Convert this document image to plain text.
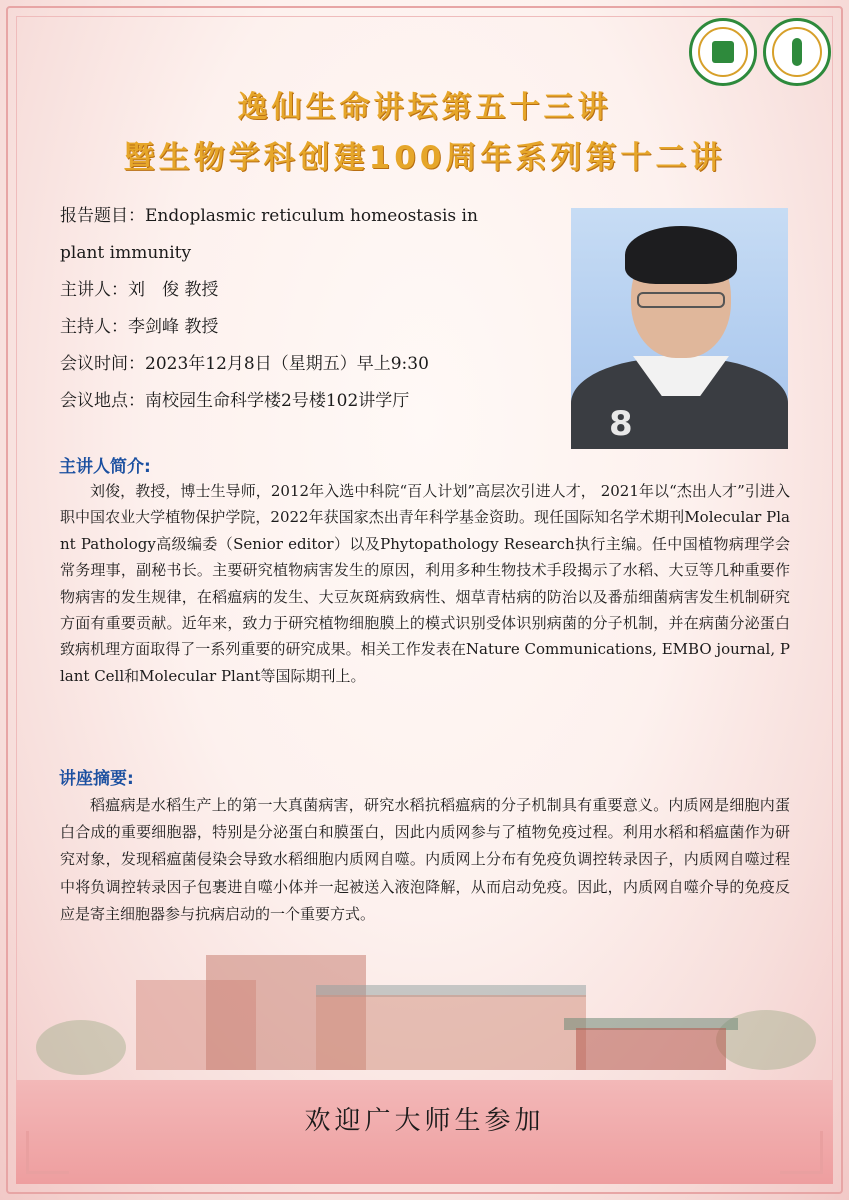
逸仙生命讲坛第五十三讲
暨生物学科创建100周年系列第十二讲
报告题目：Endoplasmic reticulum homeostasis in
plant immunity
主讲人：刘　俊 教授
主持人：李剑峰 教授
会议时间：2023年12月8日（星期五）早上9:30
会议地点：南校园生命科学楼2号楼102讲学厅
8
主讲人简介:
刘俊，教授，博士生导师，2012年入选中科院“百人计划”高层次引进人才， 2021年以“杰出人才”引进入职中国农业大学植物保护学院，2022年获国家杰出青年科学基金资助。现任国际知名学术期刊Molecular Plant Pathology高级编委（Senior editor）以及Phytopathology Research执行主编。任中国植物病理学会常务理事，副秘书长。主要研究植物病害发生的原因，利用多种生物技术手段揭示了水稻、大豆等几种重要作物病害的发生规律，在稻瘟病的发生、大豆灰斑病致病性、烟草青枯病的防治以及番茄细菌病害发生机制研究方面有重要贡献。近年来，致力于研究植物细胞膜上的模式识别受体识别病菌的分子机制，并在病菌分泌蛋白致病机理方面取得了一系列重要的研究成果。相关工作发表在Nature Communications, EMBO journal, Plant Cell和Molecular Plant等国际期刊上。
讲座摘要:
稻瘟病是水稻生产上的第一大真菌病害，研究水稻抗稻瘟病的分子机制具有重要意义。内质网是细胞内蛋白合成的重要细胞器，特别是分泌蛋白和膜蛋白，因此内质网参与了植物免疫过程。利用水稻和稻瘟菌作为研究对象，发现稻瘟菌侵染会导致水稻细胞内质网自噬。内质网上分布有免疫负调控转录因子，内质网自噬过程中将负调控转录因子包裹进自噬小体并一起被送入液泡降解，从而启动免疫。因此，内质网自噬介导的免疫反应是寄主细胞器参与抗病启动的一个重要方式。
欢迎广大师生参加
